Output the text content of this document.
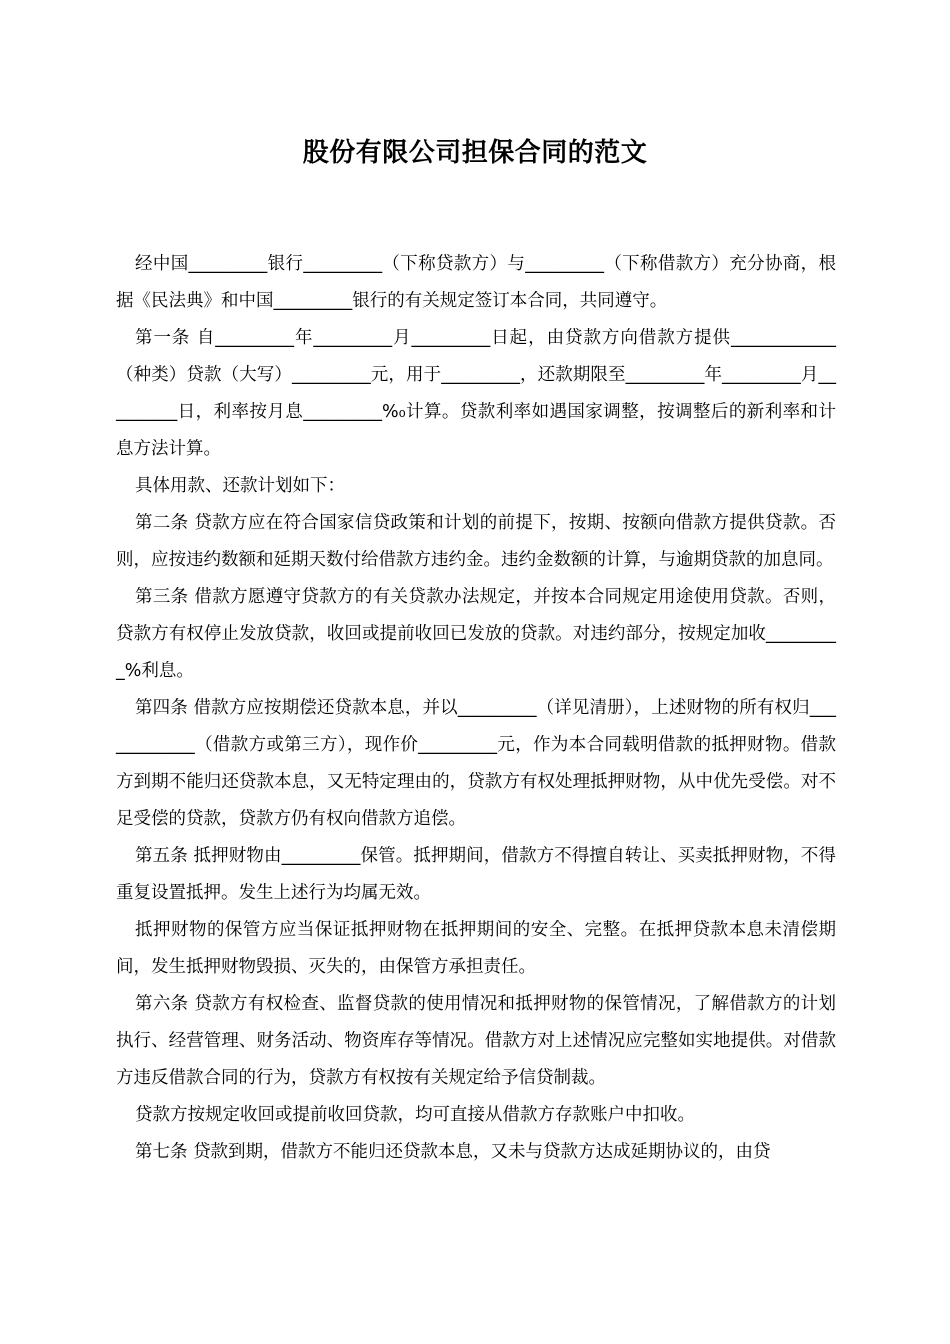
股份有限公司担保合同的范文

经中国_________银行_________（下称贷款方）与_________（下称借款方）充分协商，根据《民法典》和中国_________银行的有关规定签订本合同，共同遵守。

第一条 自_________年_________月_________日起，由贷款方向借款方提供____________（种类）贷款（大写）_________元，用于_________，还款期限至_________年_________月_________日，利率按月息_________%₀计算。贷款利率如遇国家调整，按调整后的新利率和计息方法计算。

具体用款、还款计划如下：

第二条 贷款方应在符合国家信贷政策和计划的前提下，按期、按额向借款方提供贷款。否则，应按违约数额和延期天数付给借款方违约金。违约金数额的计算，与逾期贷款的加息同。

第三条 借款方愿遵守贷款方的有关贷款办法规定，并按本合同规定用途使用贷款。否则，贷款方有权停止发放贷款，收回或提前收回已发放的贷款。对违约部分，按规定加收_________%利息。

第四条 借款方应按期偿还贷款本息，并以_________（详见清册），上述财物的所有权归____________（借款方或第三方），现作价_________元，作为本合同载明借款的抵押财物。借款方到期不能归还贷款本息，又无特定理由的，贷款方有权处理抵押财物，从中优先受偿。对不足受偿的贷款，贷款方仍有权向借款方追偿。

第五条 抵押财物由_________保管。抵押期间，借款方不得擅自转让、买卖抵押财物，不得重复设置抵押。发生上述行为均属无效。

抵押财物的保管方应当保证抵押财物在抵押期间的安全、完整。在抵押贷款本息未清偿期间，发生抵押财物毁损、灭失的，由保管方承担责任。

第六条 贷款方有权检查、监督贷款的使用情况和抵押财物的保管情况，了解借款方的计划执行、经营管理、财务活动、物资库存等情况。借款方对上述情况应完整如实地提供。对借款方违反借款合同的行为，贷款方有权按有关规定给予信贷制裁。

贷款方按规定收回或提前收回贷款，均可直接从借款方存款账户中扣收。

第七条 贷款到期，借款方不能归还贷款本息，又未与贷款方达成延期协议的，由贷
